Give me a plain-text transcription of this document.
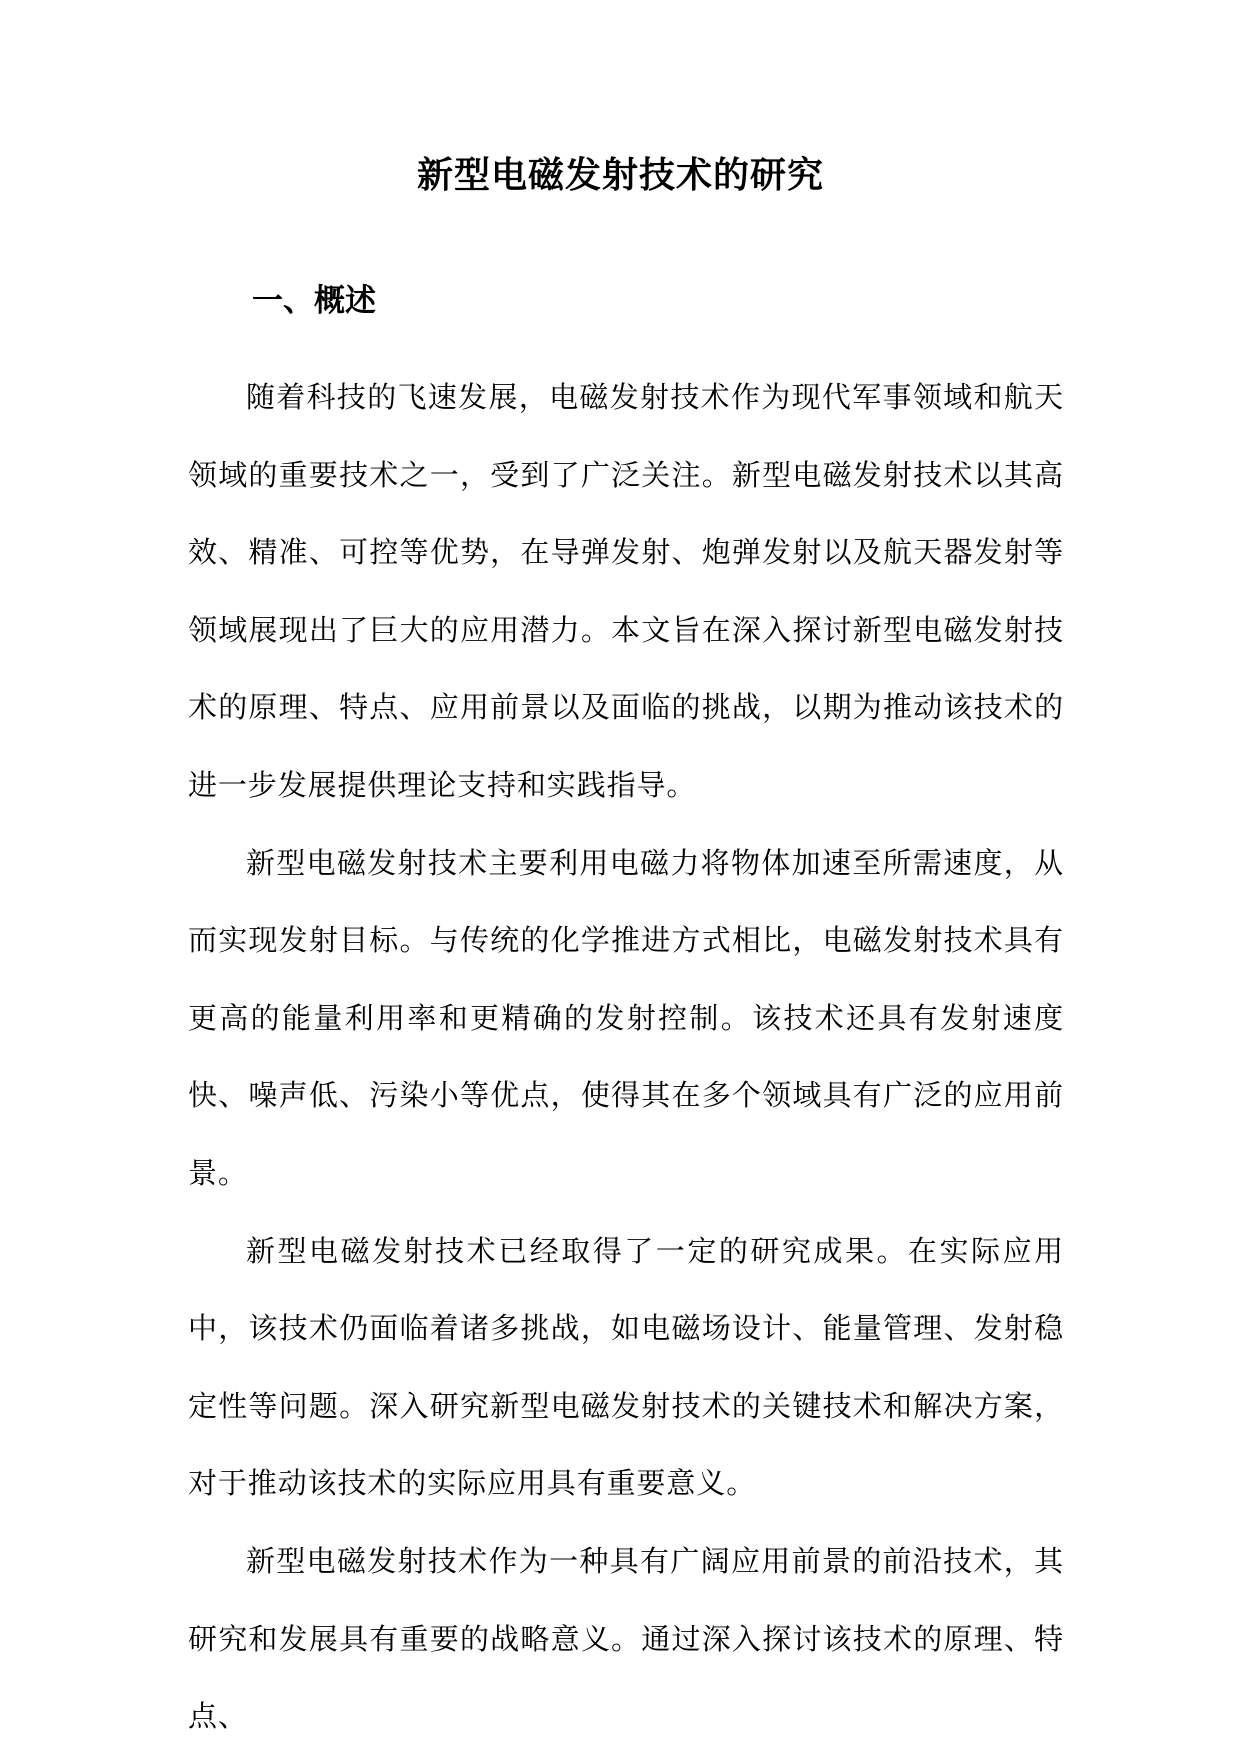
新型电磁发射技术的研究
一、概述

随着科技的飞速发展，电磁发射技术作为现代军事领域和航天领域的重要技术之一，受到了广泛关注。新型电磁发射技术以其高效、精准、可控等优势，在导弹发射、炮弹发射以及航天器发射等领域展现出了巨大的应用潜力。本文旨在深入探讨新型电磁发射技术的原理、特点、应用前景以及面临的挑战，以期为推动该技术的进一步发展提供理论支持和实践指导。

新型电磁发射技术主要利用电磁力将物体加速至所需速度，从而实现发射目标。与传统的化学推进方式相比，电磁发射技术具有更高的能量利用率和更精确的发射控制。该技术还具有发射速度快、噪声低、污染小等优点，使得其在多个领域具有广泛的应用前景。

新型电磁发射技术已经取得了一定的研究成果。在实际应用中，该技术仍面临着诸多挑战，如电磁场设计、能量管理、发射稳定性等问题。深入研究新型电磁发射技术的关键技术和解决方案，对于推动该技术的实际应用具有重要意义。

新型电磁发射技术作为一种具有广阔应用前景的前沿技术，其研究和发展具有重要的战略意义。通过深入探讨该技术的原理、特点、
